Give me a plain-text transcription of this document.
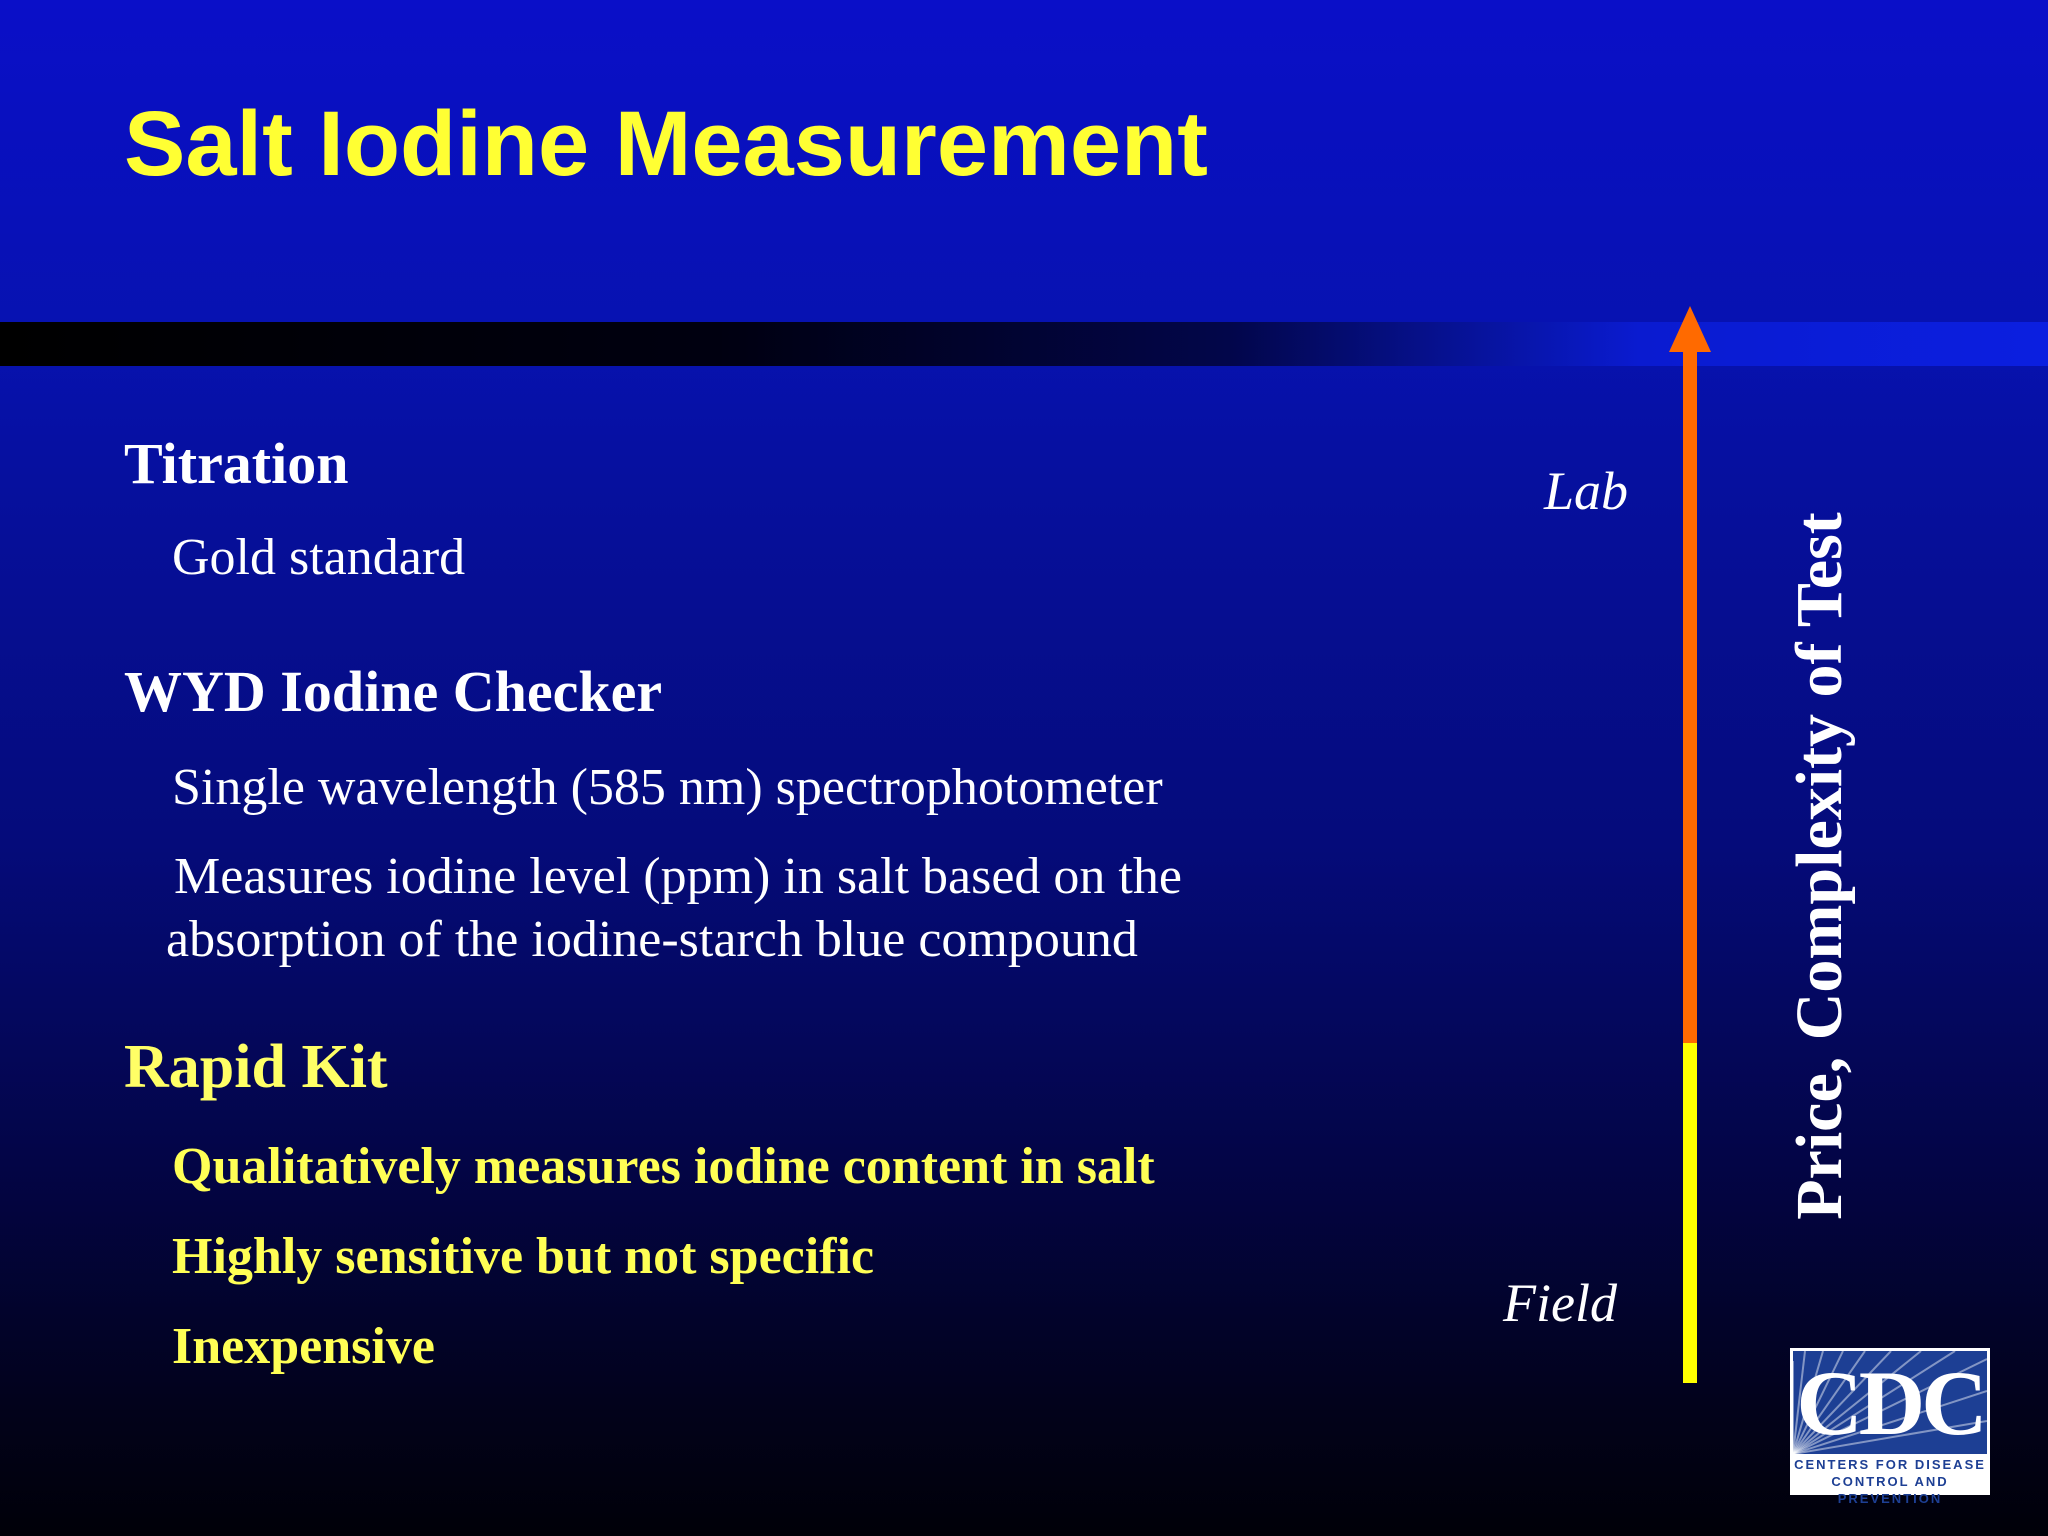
Salt Iodine Measurement
Titration
Gold standard
WYD Iodine Checker
Single wavelength (585 nm) spectrophotometer
Measures iodine level (ppm) in salt based on the absorption of the iodine-starch blue compound
Rapid Kit
Qualitatively measures iodine content in salt
Highly sensitive but not specific
Inexpensive
Lab
Field
Price, Complexity of Test
CDC
CENTERS FOR DISEASE
CONTROL AND PREVENTION
